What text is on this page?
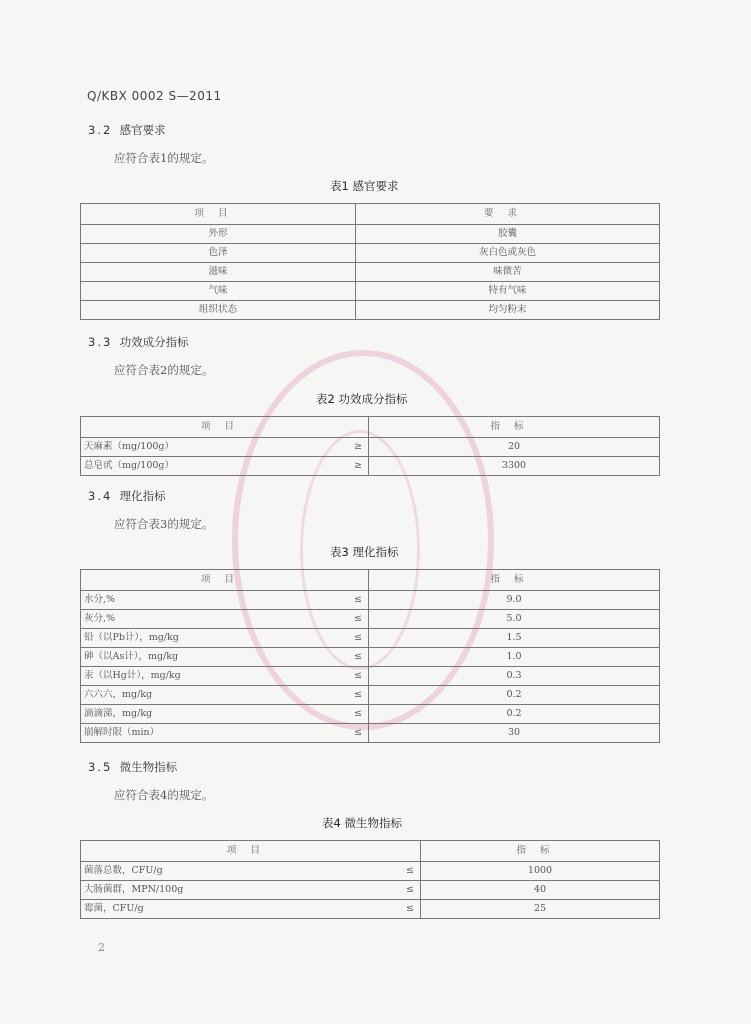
Q/KBX 0002 S—2011
3.2 感官要求
应符合表1的规定。
表1 感官要求
项目	要求
外形	胶囊
色泽	灰白色或灰色
滋味	味微苦
气味	特有气味
组织状态	均匀粉末
3.3 功效成分指标
应符合表2的规定。
表2 功效成分指标
项目		指标
天麻素（mg/100g）	≥	20
总皂甙（mg/100g）	≥	3300
3.4 理化指标
应符合表3的规定。
表3 理化指标
项目		指标
水分,%	≤	9.0
灰分,%	≤	5.0
铅（以Pb计），mg/kg	≤	1.5
砷（以As计），mg/kg	≤	1.0
汞（以Hg计），mg/kg	≤	0.3
六六六，mg/kg	≤	0.2
滴滴涕，mg/kg	≤	0.2
崩解时限（min）	≤	30
3.5 微生物指标
应符合表4的规定。
表4 微生物指标
项目		指标
菌落总数，CFU/g	≤	1000
大肠菌群，MPN/100g	≤	40
霉菌，CFU/g	≤	25
2
